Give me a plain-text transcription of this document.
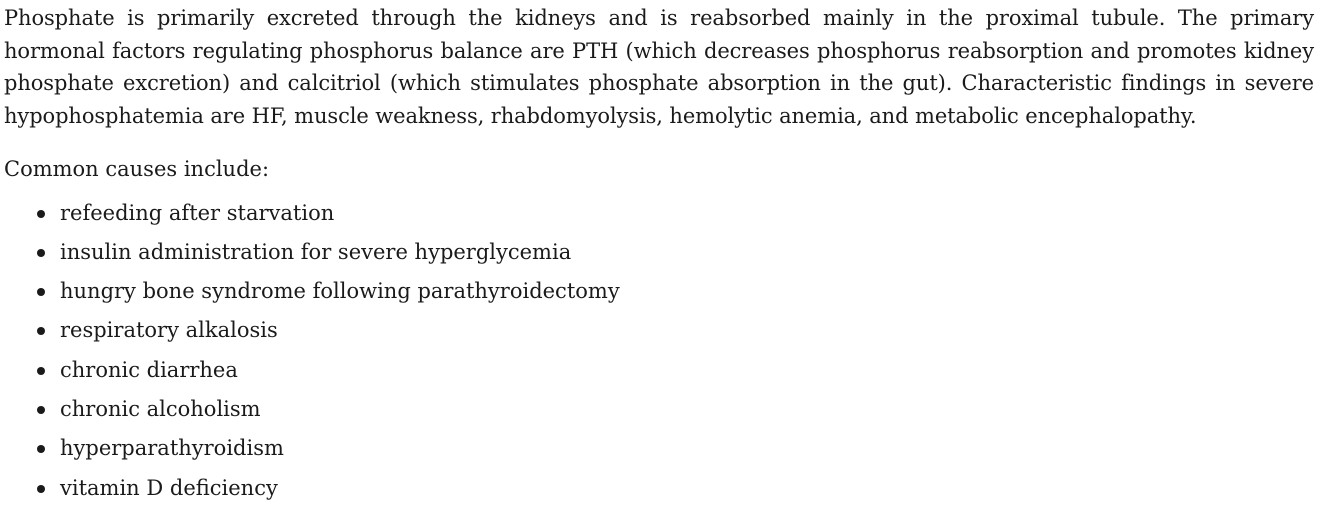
Phosphate is primarily excreted through the kidneys and is reabsorbed mainly in the proximal tubule. The primary hormonal factors regulating phosphorus balance are PTH (which decreases phosphorus reabsorption and promotes kidney phosphate excretion) and calcitriol (which stimulates phosphate absorption in the gut). Characteristic findings in severe hypophosphatemia are HF, muscle weakness, rhabdomyolysis, hemolytic anemia, and metabolic encephalopathy.

Common causes include:

refeeding after starvation
insulin administration for severe hyperglycemia
hungry bone syndrome following parathyroidectomy
respiratory alkalosis
chronic diarrhea
chronic alcoholism
hyperparathyroidism
vitamin D deficiency
